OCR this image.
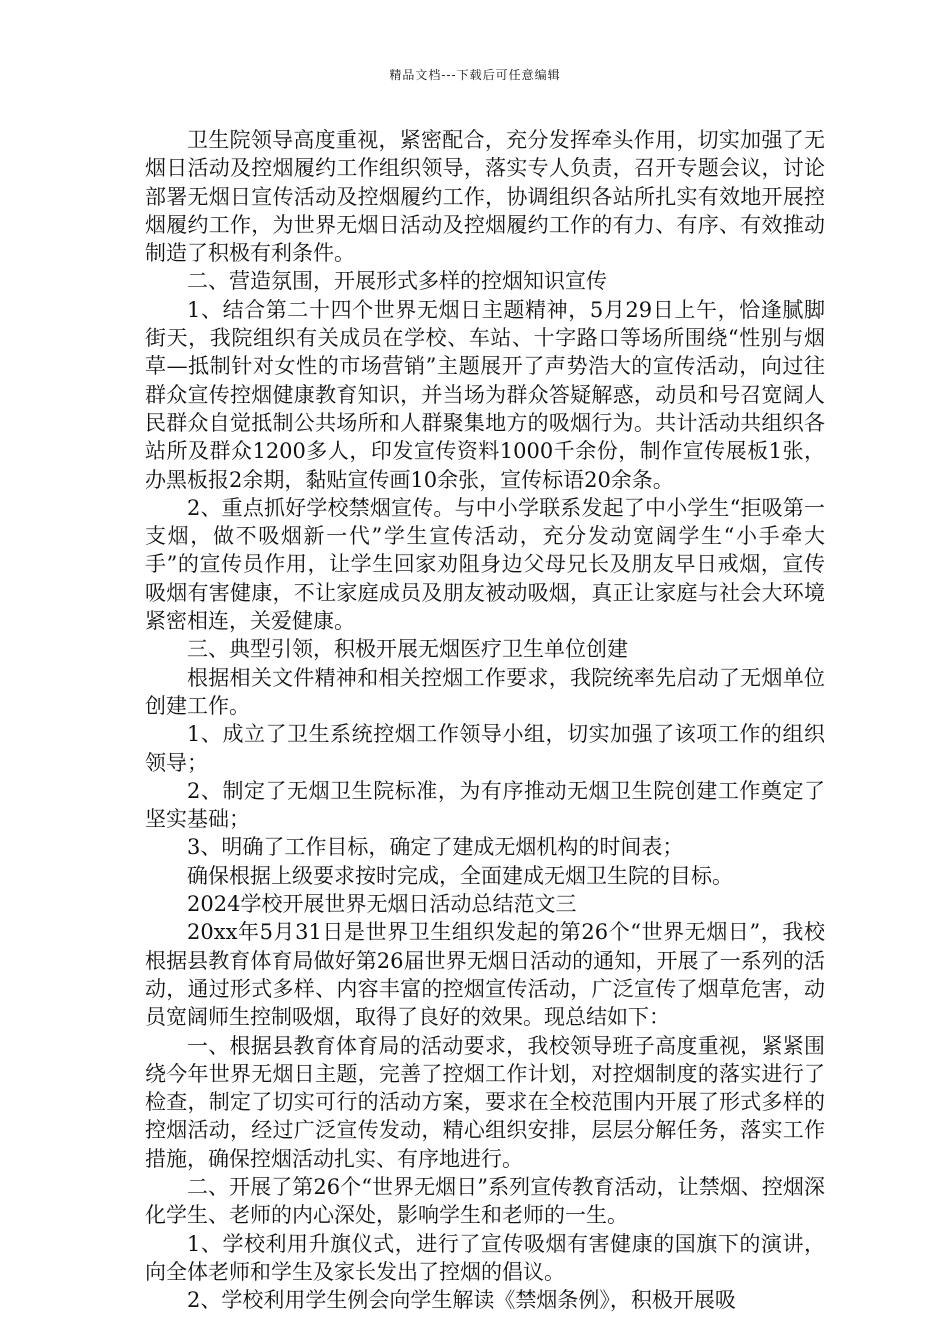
精品文档---下载后可任意编辑

卫生院领导高度重视，紧密配合，充分发挥牵头作用，切实加强了无烟日活动及控烟履约工作组织领导，落实专人负责，召开专题会议，讨论部署无烟日宣传活动及控烟履约工作，协调组织各站所扎实有效地开展控烟履约工作，为世界无烟日活动及控烟履约工作的有力、有序、有效推动制造了积极有利条件。

二、营造氛围，开展形式多样的控烟知识宣传

1、结合第二十四个世界无烟日主题精神，5月29日上午，恰逢腻脚街天，我院组织有关成员在学校、车站、十字路口等场所围绕“性别与烟草—抵制针对女性的市场营销”主题展开了声势浩大的宣传活动，向过往群众宣传控烟健康教育知识，并当场为群众答疑解惑，动员和号召宽阔人民群众自觉抵制公共场所和人群聚集地方的吸烟行为。共计活动共组织各站所及群众1200多人，印发宣传资料1000千余份，制作宣传展板1张，办黑板报2余期，黏贴宣传画10余张，宣传标语20余条。

2、重点抓好学校禁烟宣传。与中小学联系发起了中小学生“拒吸第一支烟，做不吸烟新一代”学生宣传活动，充分发动宽阔学生“小手牵大手”的宣传员作用，让学生回家劝阻身边父母兄长及朋友早日戒烟，宣传吸烟有害健康，不让家庭成员及朋友被动吸烟，真正让家庭与社会大环境紧密相连，关爱健康。

三、典型引领，积极开展无烟医疗卫生单位创建

根据相关文件精神和相关控烟工作要求，我院统率先启动了无烟单位创建工作。

1、成立了卫生系统控烟工作领导小组，切实加强了该项工作的组织领导；

2、制定了无烟卫生院标准，为有序推动无烟卫生院创建工作奠定了坚实基础；

3、明确了工作目标，确定了建成无烟机构的时间表；

确保根据上级要求按时完成，全面建成无烟卫生院的目标。

2024学校开展世界无烟日活动总结范文三

20xx年5月31日是世界卫生组织发起的第26个“世界无烟日”，我校根据县教育体育局做好第26届世界无烟日活动的通知，开展了一系列的活动，通过形式多样、内容丰富的控烟宣传活动，广泛宣传了烟草危害，动员宽阔师生控制吸烟，取得了良好的效果。现总结如下：

一、根据县教育体育局的活动要求，我校领导班子高度重视，紧紧围绕今年世界无烟日主题，完善了控烟工作计划，对控烟制度的落实进行了检查，制定了切实可行的活动方案，要求在全校范围内开展了形式多样的控烟活动，经过广泛宣传发动，精心组织安排，层层分解任务，落实工作措施，确保控烟活动扎实、有序地进行。

二、开展了第26个“世界无烟日”系列宣传教育活动，让禁烟、控烟深化学生、老师的内心深处，影响学生和老师的一生。

1、学校利用升旗仪式，进行了宣传吸烟有害健康的国旗下的演讲，向全体老师和学生及家长发出了控烟的倡议。

2、学校利用学生例会向学生解读《禁烟条例》，积极开展吸
